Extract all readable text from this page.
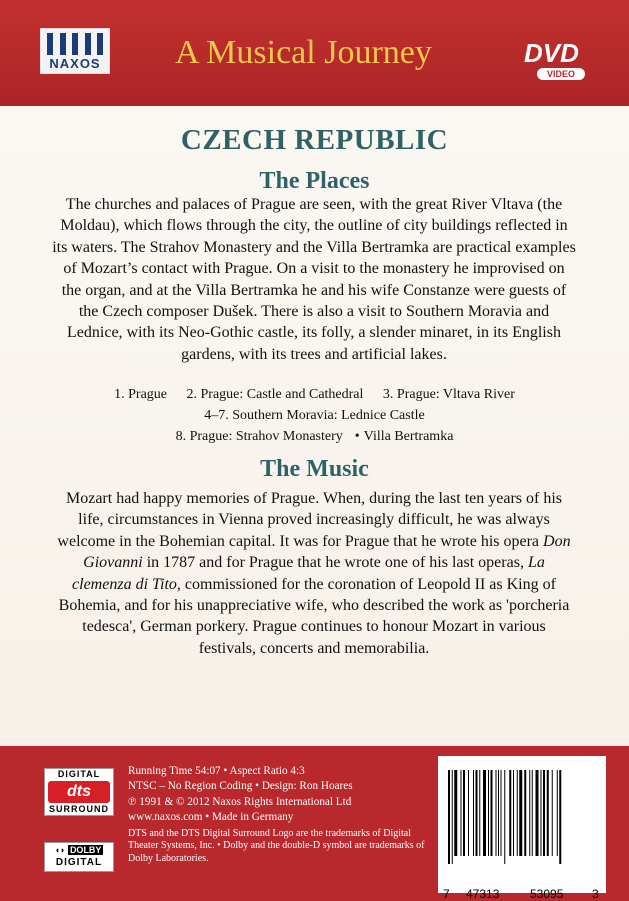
NAXOS A Musical Journey	DVD
VIDEO
CZECH REPUBLIC
The Places
The churches and palaces of Prague are seen, with the great River Vltava (the Moldau), which flows through the city, the outline of city buildings reflected in its waters. The Strahov Monastery and the Villa Bertramka are practical examples of Mozart’s contact with Prague. On a visit to the monastery he improvised on the organ, and at the Villa Bertramka he and his wife Constanze were guests of the Czech composer Dušek. There is also a visit to Southern Moravia and Lednice, with its Neo-Gothic castle, its folly, a slender minaret, in its English gardens, with its trees and artificial lakes.
1. Prague 2. Prague: Castle and Cathedral 3. Prague: Vltava River
4–7. Southern Moravia: Lednice Castle
8. Prague: Strahov Monastery • Villa Bertramka
The Music
Mozart had happy memories of Prague. When, during the last ten years of his life, circumstances in Vienna proved increasingly difficult, he was always welcome in the Bohemian capital. It was for Prague that he wrote his opera Don Giovanni in 1787 and for Prague that he wrote one of his last operas, La clemenza di Tito, commissioned for the coronation of Leopold II as King of Bohemia, and for his unappreciative wife, who described the work as 'porcheria tedesca', German porkery. Prague continues to honour Mozart in various festivals, concerts and memorabilia.
DIGITAL
dts
SURROUND
◖◗ DOLBY
DIGITAL
Running Time 54:07 • Aspect Ratio 4:3
NTSC – No Region Coding • Design: Ron Hoares
℗ 1991 & © 2012 Naxos Rights International Ltd
www.naxos.com • Made in Germany
DTS and the DTS Digital Surround Logo are the trademarks of Digital Theater Systems, Inc. • Dolby and the double-D symbol are trademarks of Dolby Laboratories.
7 47313	53095 3
